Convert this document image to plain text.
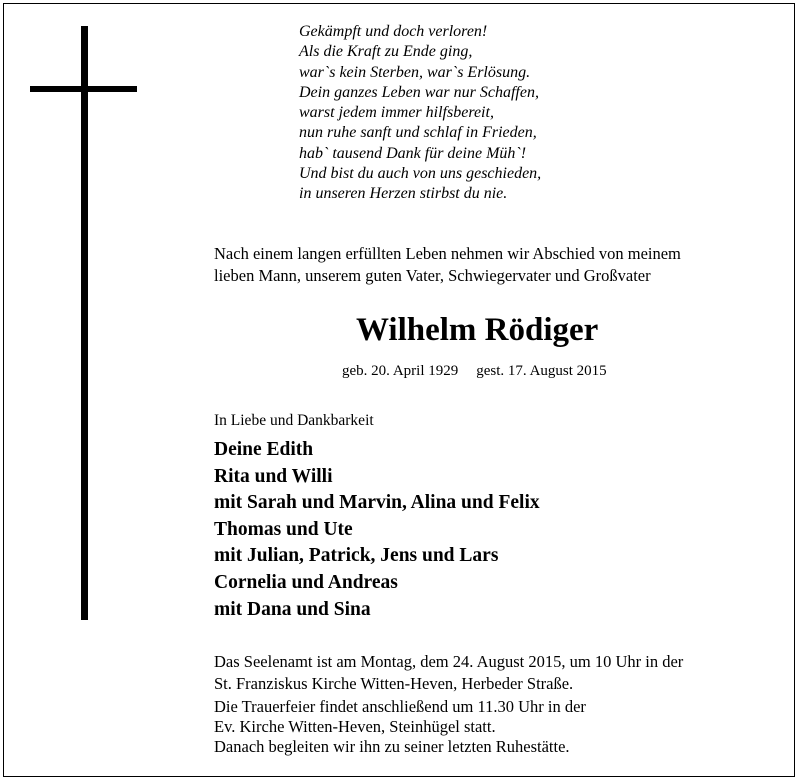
Gekämpft und doch verloren!
Als die Kraft zu Ende ging,
war`s kein Sterben, war`s Erlösung.
Dein ganzes Leben war nur Schaffen,
warst jedem immer hilfsbereit,
nun ruhe sanft und schlaf in Frieden,
hab` tausend Dank für deine Müh`!
Und bist du auch von uns geschieden,
in unseren Herzen stirbst du nie.
Nach einem langen erfüllten Leben nehmen wir Abschied von meinem
lieben Mann, unserem guten Vater, Schwiegervater und Großvater
Wilhelm Rödiger
geb. 20. April 1929 gest. 17. August 2015
In Liebe und Dankbarkeit
Deine Edith
Rita und Willi
mit Sarah und Marvin, Alina und Felix
Thomas und Ute
mit Julian, Patrick, Jens und Lars
Cornelia und Andreas
mit Dana und Sina
Das Seelenamt ist am Montag, dem 24. August 2015, um 10 Uhr in der
St. Franziskus Kirche Witten-Heven, Herbeder Straße.
Die Trauerfeier findet anschließend um 11.30 Uhr in der
Ev. Kirche Witten-Heven, Steinhügel statt.
Danach begleiten wir ihn zu seiner letzten Ruhestätte.
